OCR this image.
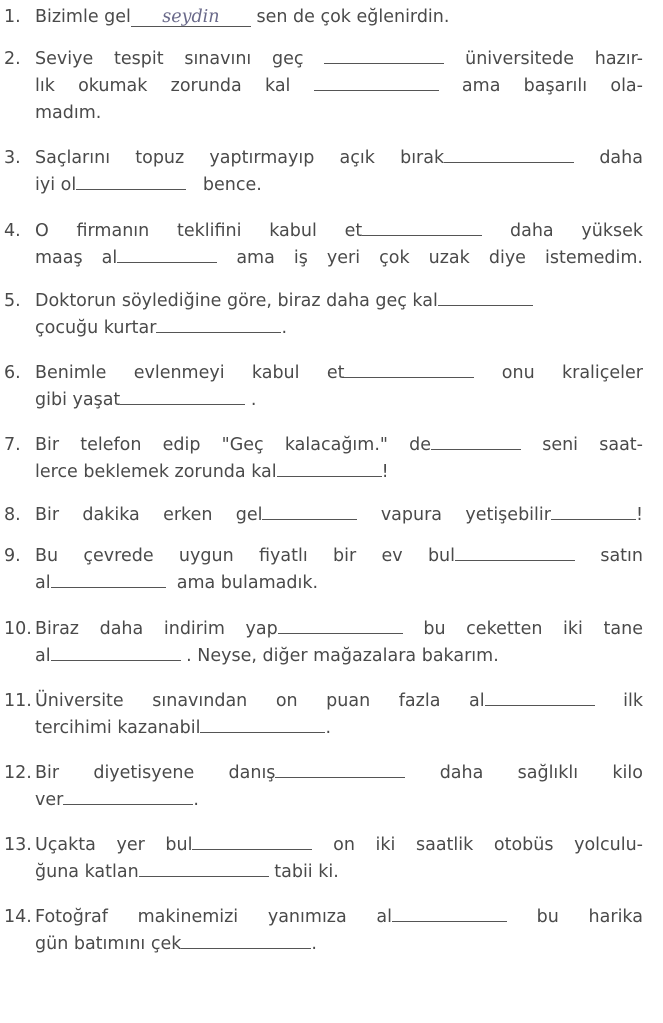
1. Bizimle gel seydin sen de çok eğlenirdin.
2. Seviye tespit sınavını geç	üniversitede hazır-
lık okumak zorunda kal	ama başarılı ola-
madım.
3. Saçlarını topuz yaptırmayıp açık bırak	daha
iyi ol	bence.
4. O firmanın teklifini kabul et	daha yüksek
maaş al	ama iş yeri çok uzak diye istemedim.
5. Doktorun söylediğine göre, biraz daha geç kal
çocuğu kurtar	.
6. Benimle evlenmeyi kabul et	onu kraliçeler
gibi yaşat	.
7. Bir telefon edip "Geç kalacağım." de	seni saat-
lerce beklemek zorunda kal	!
8. Bir dakika erken gel	vapura yetişebilir	!
9. Bu çevrede uygun fiyatlı bir ev bul	satın
al	ama bulamadık.
10. Biraz daha indirim yap	bu ceketten iki tane
al	. Neyse, diğer mağazalara bakarım.
11. Üniversite sınavından on puan fazla al	ilk
tercihimi kazanabil	.
12. Bir diyetisyene danış	daha sağlıklı kilo
ver	.
13. Uçakta yer bul	on iki saatlik otobüs yolculu-
ğuna katlan	tabii ki.
14. Fotoğraf makinemizi yanımıza al	bu harika
gün batımını çek	.
